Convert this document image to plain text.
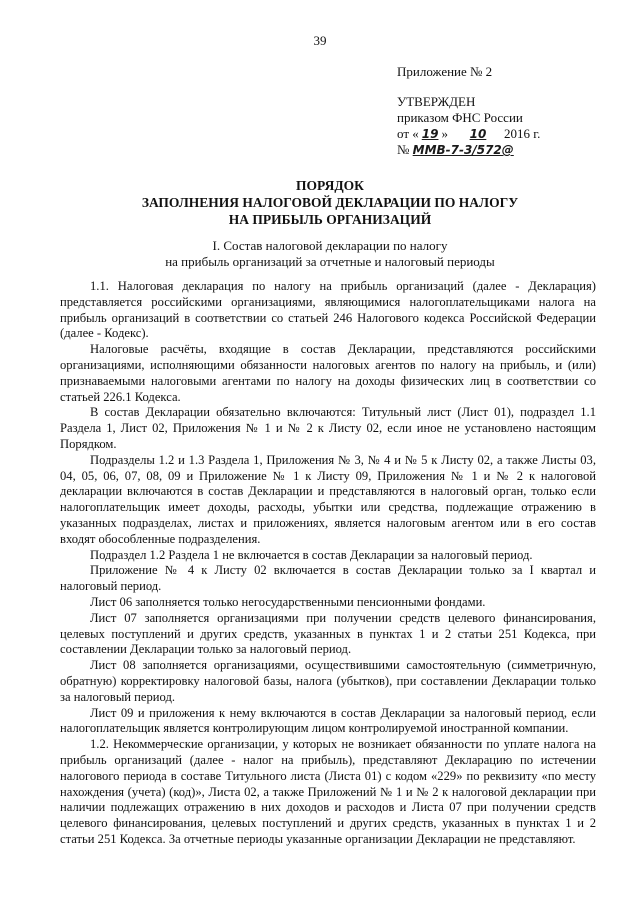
39
Приложение № 2
УТВЕРЖДЕН
приказом ФНС России
от « 19 » 10 2016 г.
№ ММВ-7-3/572@
ПОРЯДОК
ЗАПОЛНЕНИЯ НАЛОГОВОЙ ДЕКЛАРАЦИИ ПО НАЛОГУ
НА ПРИБЫЛЬ ОРГАНИЗАЦИЙ
I. Состав налоговой декларации по налогу
на прибыль организаций за отчетные и налоговый периоды

1.1. Налоговая декларация по налогу на прибыль организаций (далее - Декларация) представляется российскими организациями, являющимися налогоплательщиками налога на прибыль организаций в соответствии со статьей 246 Налогового кодекса Российской Федерации (далее - Кодекс).

Налоговые расчёты, входящие в состав Декларации, представляются российскими организациями, исполняющими обязанности налоговых агентов по налогу на прибыль, и (или) признаваемыми налоговыми агентами по налогу на доходы физических лиц в соответствии со статьей 226.1 Кодекса.

В состав Декларации обязательно включаются: Титульный лист (Лист 01), подраздел 1.1 Раздела 1, Лист 02, Приложения № 1 и № 2 к Листу 02, если иное не установлено настоящим Порядком.

Подразделы 1.2 и 1.3 Раздела 1, Приложения № 3, № 4 и № 5 к Листу 02, а также Листы 03, 04, 05, 06, 07, 08, 09 и Приложение № 1 к Листу 09, Приложения № 1 и № 2 к налоговой декларации включаются в состав Декларации и представляются в налоговый орган, только если налогоплательщик имеет доходы, расходы, убытки или средства, подлежащие отражению в указанных подразделах, листах и приложениях, является налоговым агентом или в его состав входят обособленные подразделения.

Подраздел 1.2 Раздела 1 не включается в состав Декларации за налоговый период.

Приложение № 4 к Листу 02 включается в состав Декларации только за I квартал и налоговый период.

Лист 06 заполняется только негосударственными пенсионными фондами.

Лист 07 заполняется организациями при получении средств целевого финансирования, целевых поступлений и других средств, указанных в пунктах 1 и 2 статьи 251 Кодекса, при составлении Декларации только за налоговый период.

Лист 08 заполняется организациями, осуществившими самостоятельную (симметричную, обратную) корректировку налоговой базы, налога (убытков), при составлении Декларации только за налоговый период.

Лист 09 и приложения к нему включаются в состав Декларации за налоговый период, если налогоплательщик является контролирующим лицом контролируемой иностранной компании.

1.2. Некоммерческие организации, у которых не возникает обязанности по уплате налога на прибыль организаций (далее - налог на прибыль), представляют Декларацию по истечении налогового периода в составе Титульного листа (Листа 01) с кодом «229» по реквизиту «по месту нахождения (учета) (код)», Листа 02, а также Приложений № 1 и № 2 к налоговой декларации при наличии подлежащих отражению в них доходов и расходов и Листа 07 при получении средств целевого финансирования, целевых поступлений и других средств, указанных в пунктах 1 и 2 статьи 251 Кодекса. За отчетные периоды указанные организации Декларации не представляют.
